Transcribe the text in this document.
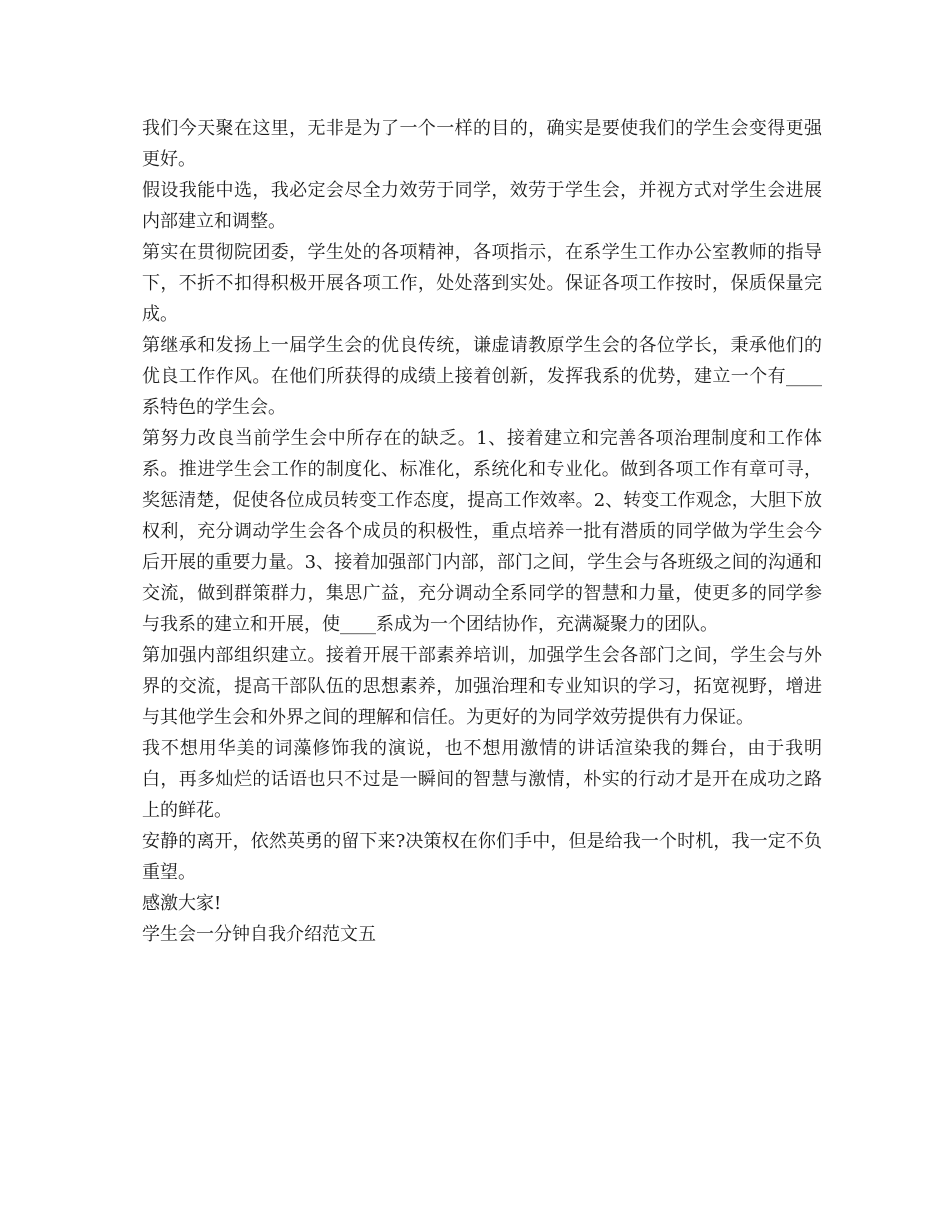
我们今天聚在这里，无非是为了一个一样的目的，确实是要使我们的学生会变得更强更好。

假设我能中选，我必定会尽全力效劳于同学，效劳于学生会，并视方式对学生会进展内部建立和调整。

第实在贯彻院团委，学生处的各项精神，各项指示，在系学生工作办公室教师的指导下，不折不扣得积极开展各项工作，处处落到实处。保证各项工作按时，保质保量完成。

第继承和发扬上一届学生会的优良传统，谦虚请教原学生会的各位学长，秉承他们的优良工作作风。在他们所获得的成绩上接着创新，发挥我系的优势，建立一个有____系特色的学生会。

第努力改良当前学生会中所存在的缺乏。1、接着建立和完善各项治理制度和工作体系。推进学生会工作的制度化、标准化，系统化和专业化。做到各项工作有章可寻，奖惩清楚，促使各位成员转变工作态度，提高工作效率。2、转变工作观念，大胆下放权利，充分调动学生会各个成员的积极性，重点培养一批有潜质的同学做为学生会今后开展的重要力量。3、接着加强部门内部，部门之间，学生会与各班级之间的沟通和交流，做到群策群力，集思广益，充分调动全系同学的智慧和力量，使更多的同学参与我系的建立和开展，使____系成为一个团结协作，充满凝聚力的团队。

第加强内部组织建立。接着开展干部素养培训，加强学生会各部门之间，学生会与外界的交流，提高干部队伍的思想素养，加强治理和专业知识的学习，拓宽视野，增进与其他学生会和外界之间的理解和信任。为更好的为同学效劳提供有力保证。

我不想用华美的词藻修饰我的演说，也不想用激情的讲话渲染我的舞台，由于我明白，再多灿烂的话语也只不过是一瞬间的智慧与激情，朴实的行动才是开在成功之路上的鲜花。

安静的离开，依然英勇的留下来?决策权在你们手中，但是给我一个时机，我一定不负重望。

感激大家!

学生会一分钟自我介绍范文五
